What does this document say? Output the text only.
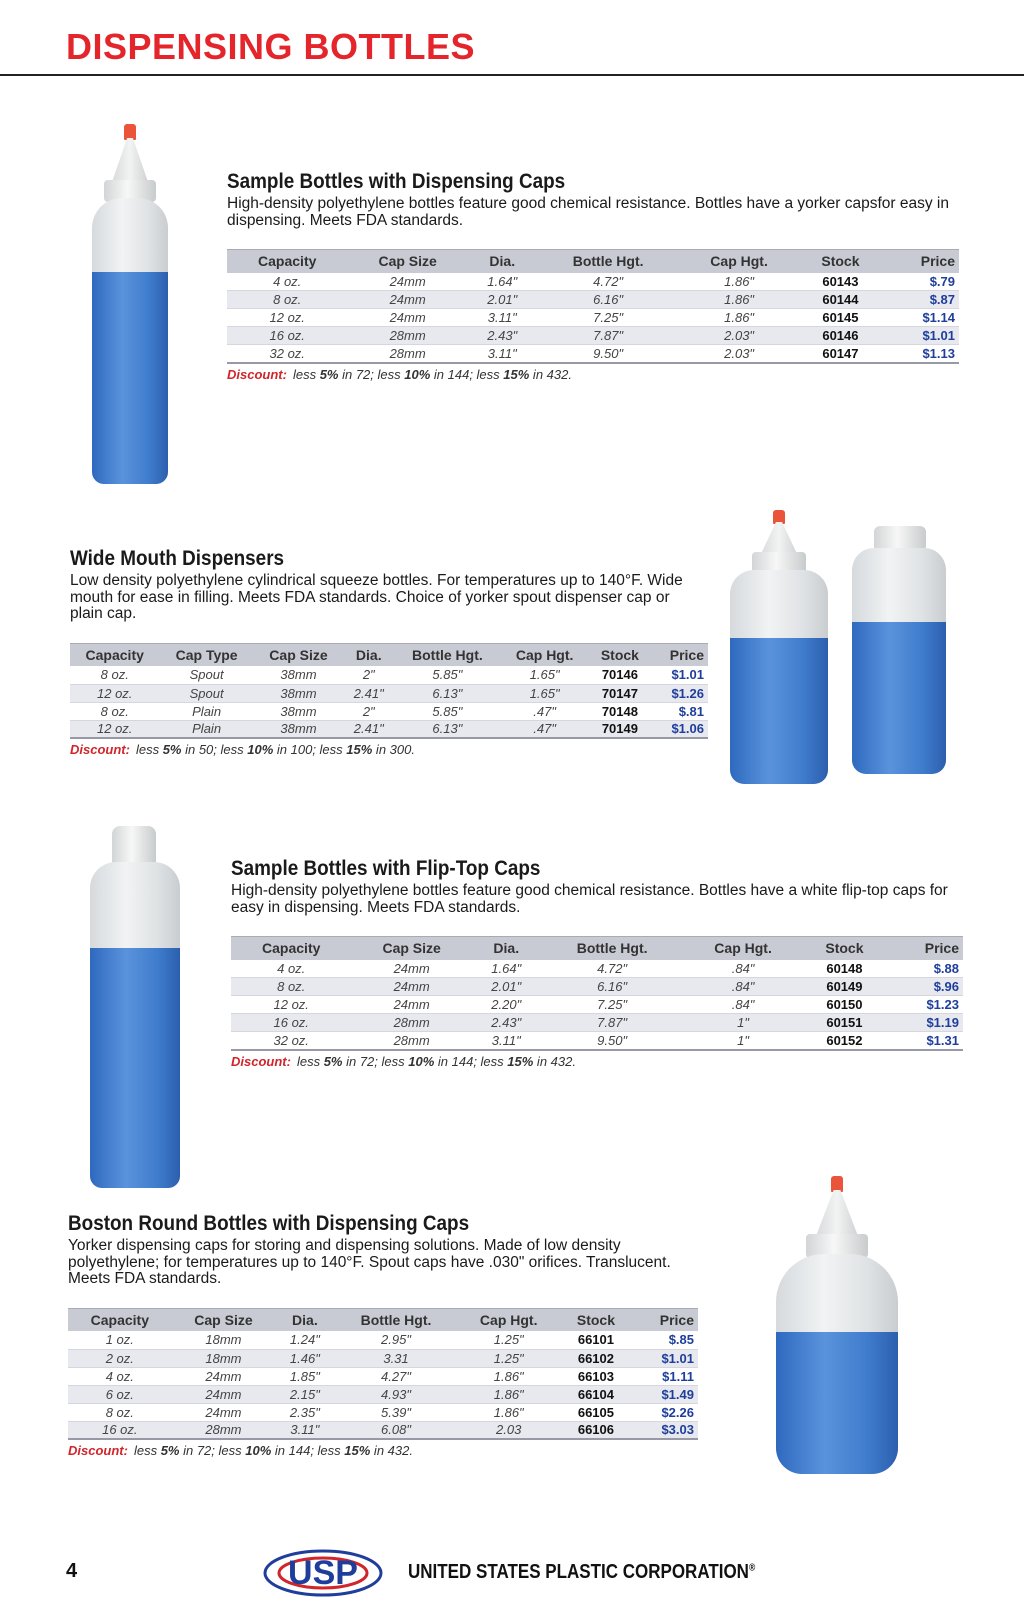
DISPENSING BOTTLES
Sample Bottles with Dispensing Caps
High-density polyethylene bottles feature good chemical resistance. Bottles have a yorker capsfor easy in dispensing. Meets FDA standards.
Capacity	Cap Size	Dia.	Bottle Hgt.	Cap Hgt.	Stock	Price
4 oz.	24mm	1.64"	4.72"	1.86"	60143	$.79
8 oz.	24mm	2.01"	6.16"	1.86"	60144	$.87
12 oz.	24mm	3.11"	7.25"	1.86"	60145	$1.14
16 oz.	28mm	2.43"	7.87"	2.03"	60146	$1.01
32 oz.	28mm	3.11"	9.50"	2.03"	60147	$1.13
Discount: less 5% in 72; less 10% in 144; less 15% in 432.
Wide Mouth Dispensers
Low density polyethylene cylindrical squeeze bottles. For temperatures up to 140°F. Wide mouth for ease in filling. Meets FDA standards. Choice of yorker spout dispenser cap or plain cap.
Capacity	Cap Type	Cap Size	Dia.	Bottle Hgt.	Cap Hgt.	Stock	Price
8 oz.	Spout	38mm	2"	5.85"	1.65"	70146	$1.01
12 oz.	Spout	38mm	2.41"	6.13"	1.65"	70147	$1.26
8 oz.	Plain	38mm	2"	5.85"	.47"	70148	$.81
12 oz.	Plain	38mm	2.41"	6.13"	.47"	70149	$1.06
Discount: less 5% in 50; less 10% in 100; less 15% in 300.
Sample Bottles with Flip-Top Caps
High-density polyethylene bottles feature good chemical resistance. Bottles have a white flip-top caps for easy in dispensing. Meets FDA standards.
Capacity	Cap Size	Dia.	Bottle Hgt.	Cap Hgt.	Stock	Price
4 oz.	24mm	1.64"	4.72"	.84"	60148	$.88
8 oz.	24mm	2.01"	6.16"	.84"	60149	$.96
12 oz.	24mm	2.20"	7.25"	.84"	60150	$1.23
16 oz.	28mm	2.43"	7.87"	1"	60151	$1.19
32 oz.	28mm	3.11"	9.50"	1"	60152	$1.31
Discount: less 5% in 72; less 10% in 144; less 15% in 432.
Boston Round Bottles with Dispensing Caps
Yorker dispensing caps for storing and dispensing solutions. Made of low density polyethylene; for temperatures up to 140°F. Spout caps have .030" orifices. Translucent. Meets FDA standards.
Capacity	Cap Size	Dia.	Bottle Hgt.	Cap Hgt.	Stock	Price
1 oz.	18mm	1.24"	2.95"	1.25"	66101	$.85
2 oz.	18mm	1.46"	3.31	1.25"	66102	$1.01
4 oz.	24mm	1.85"	4.27"	1.86"	66103	$1.11
6 oz.	24mm	2.15"	4.93"	1.86"	66104	$1.49
8 oz.	24mm	2.35"	5.39"	1.86"	66105	$2.26
16 oz.	28mm	3.11"	6.08"	2.03	66106	$3.03
Discount: less 5% in 72; less 10% in 144; less 15% in 432.
4	USP	UNITED STATES PLASTIC CORPORATION®
